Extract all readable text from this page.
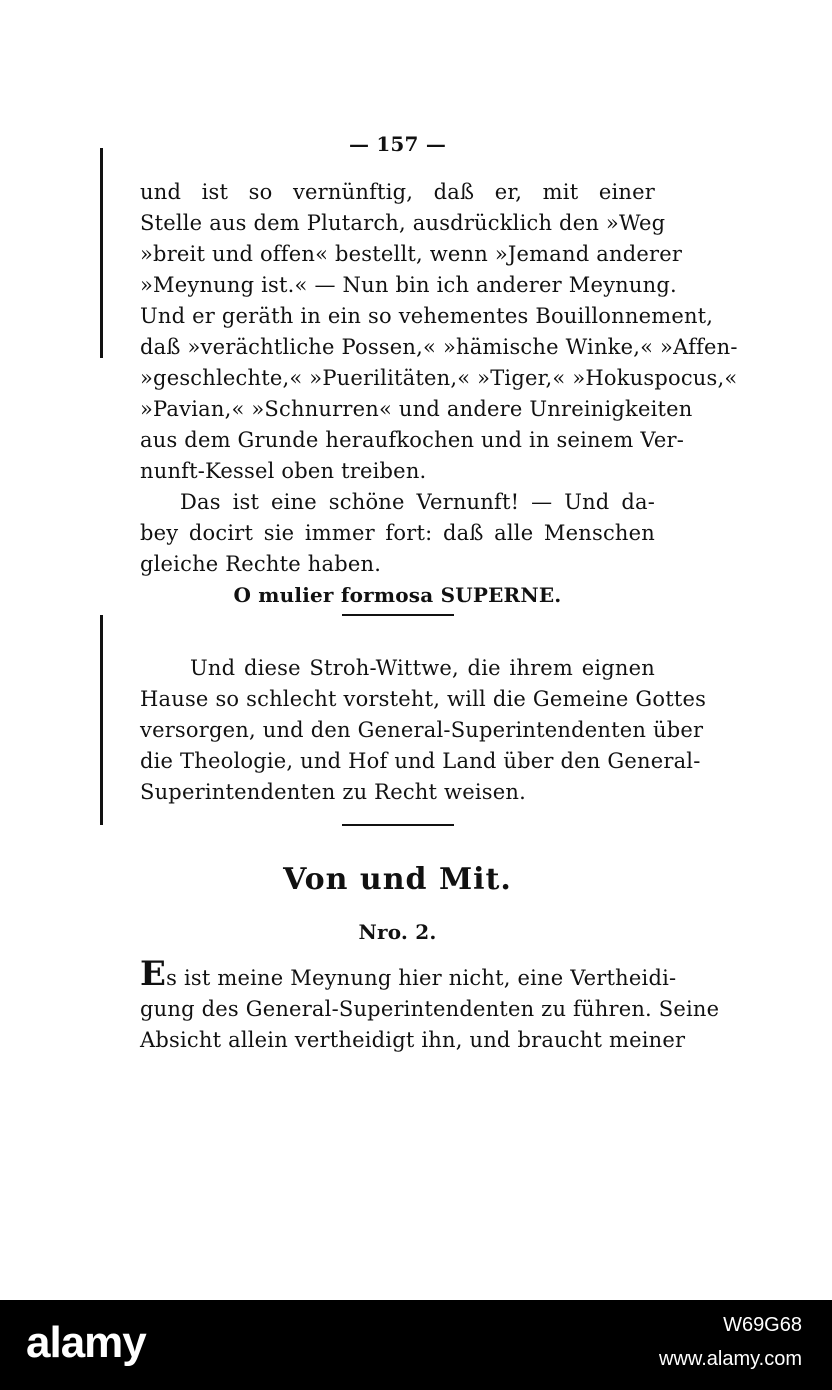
— 157 —
und ist so vernünftig, daß er, mit einer
Stelle aus dem Plutarch, ausdrücklich den »Weg
»breit und offen« bestellt, wenn »Jemand anderer
»Meynung ist.« — Nun bin ich anderer Meynung.
Und er geräth in ein so vehementes Bouillonnement,
daß »verächtliche Possen,« »hämische Winke,« »Affen-
»geschlechte,« »Puerilitäten,« »Tiger,« »Hokuspocus,«
»Pavian,« »Schnurren« und andere Unreinigkeiten
aus dem Grunde heraufkochen und in seinem Ver-
nunft-Kessel oben treiben.
Das ist eine schöne Vernunft! — Und da-
bey docirt sie immer fort: daß alle Menschen
gleiche Rechte haben.
O mulier formosa SUPERNE.
Und diese Stroh-Wittwe, die ihrem eignen
Hause so schlecht vorsteht, will die Gemeine Gottes
versorgen, und den General-Superintendenten über
die Theologie, und Hof und Land über den General-
Superintendenten zu Recht weisen.
Von und Mit.
Nro. 2.
Es ist meine Meynung hier nicht, eine Vertheidi-
gung des General-Superintendenten zu führen. Seine
Absicht allein vertheidigt ihn, und braucht meiner
alamy	W69G68
www.alamy.com
